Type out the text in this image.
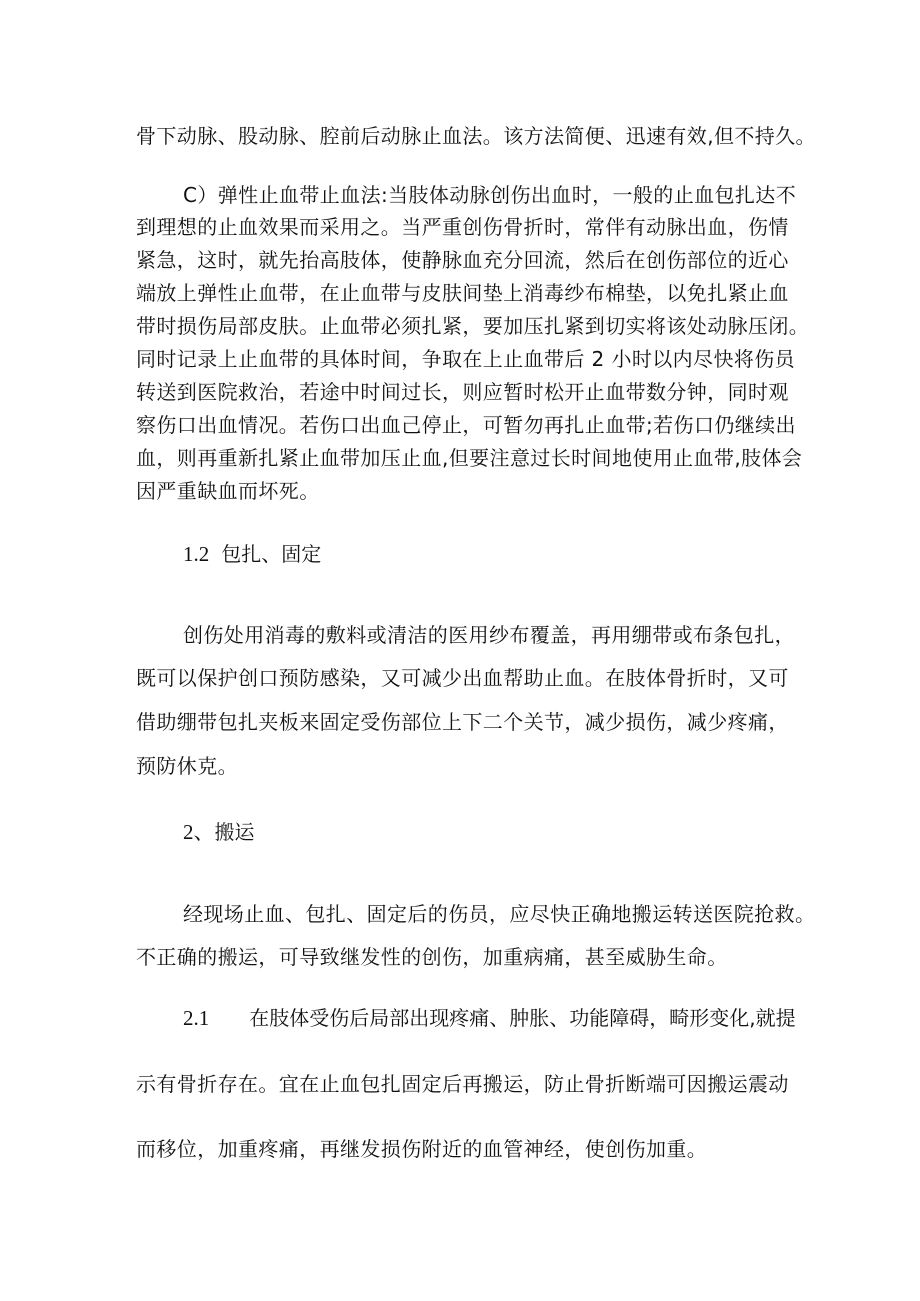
骨下动脉、股动脉、腔前后动脉止血法。该方法简便、迅速有效,但不持久。
C）弹性止血带止血法:当肢体动脉创伤出血时，一般的止血包扎达不
到理想的止血效果而采用之。当严重创伤骨折时，常伴有动脉出血，伤情
紧急，这时，就先抬高肢体，使静脉血充分回流，然后在创伤部位的近心
端放上弹性止血带，在止血带与皮肤间垫上消毒纱布棉垫，以免扎紧止血
带时损伤局部皮肤。止血带必须扎紧，要加压扎紧到切实将该处动脉压闭。
同时记录上止血带的具体时间，争取在上止血带后 2 小时以内尽快将伤员
转送到医院救治，若途中时间过长，则应暂时松开止血带数分钟，同时观
察伤口出血情况。若伤口出血己停止，可暂勿再扎止血带;若伤口仍继续出
血，则再重新扎紧止血带加压止血,但要注意过长时间地使用止血带,肢体会
因严重缺血而坏死。
1.2 包扎、固定
创伤处用消毒的敷料或清洁的医用纱布覆盖，再用绷带或布条包扎，
既可以保护创口预防感染，又可减少出血帮助止血。在肢体骨折时，又可
借助绷带包扎夹板来固定受伤部位上下二个关节，减少损伤，减少疼痛，
预防休克。
2、搬运
经现场止血、包扎、固定后的伤员，应尽快正确地搬运转送医院抢救。
不正确的搬运，可导致继发性的创伤，加重病痛，甚至威胁生命。
2.1 在肢体受伤后局部出现疼痛、肿胀、功能障碍，畸形变化,就提
示有骨折存在。宜在止血包扎固定后再搬运，防止骨折断端可因搬运震动
而移位，加重疼痛，再继发损伤附近的血管神经，使创伤加重。
